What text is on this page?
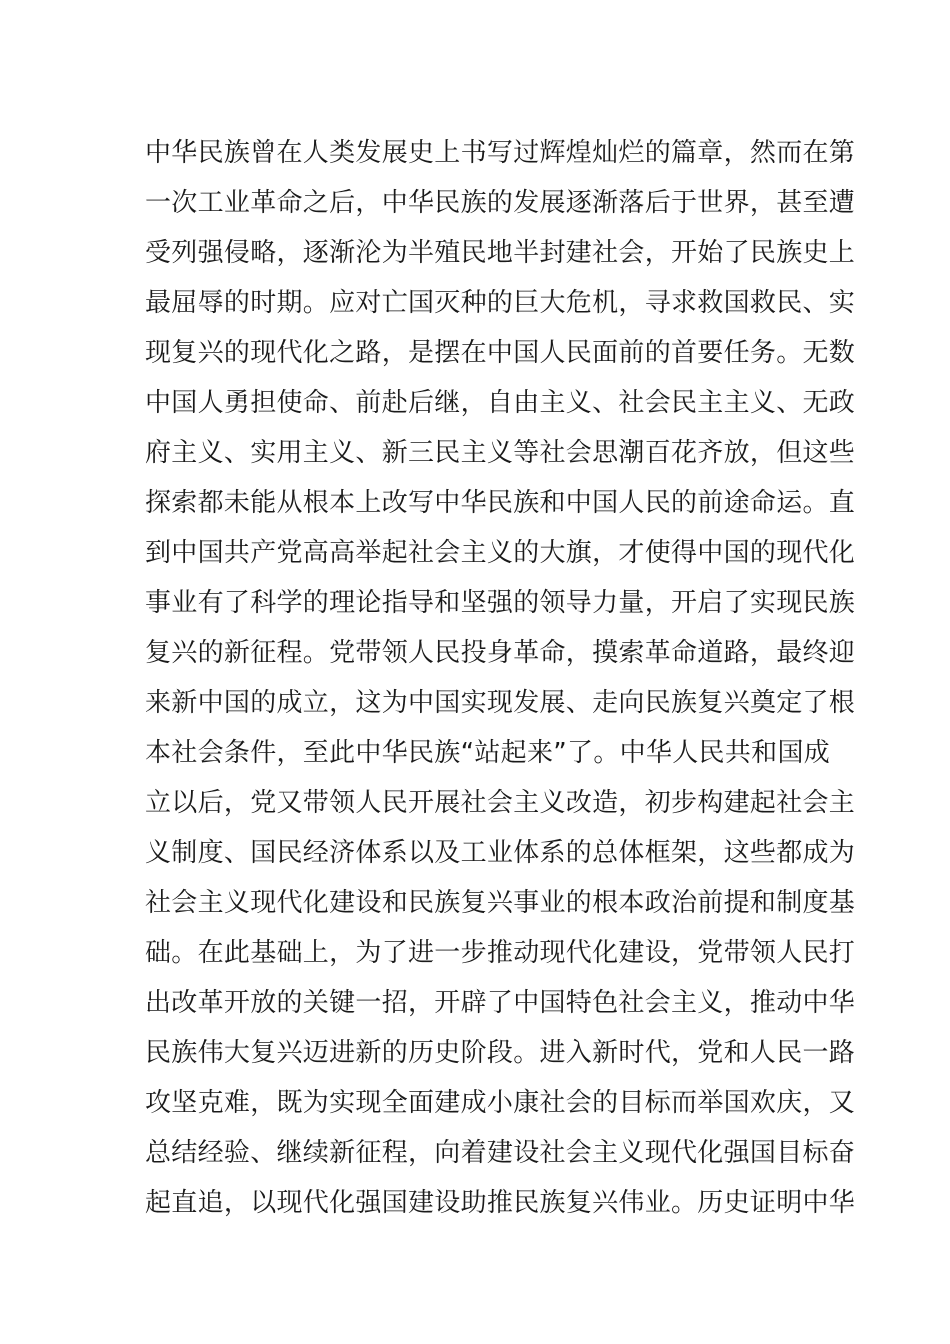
中华民族曾在人类发展史上书写过辉煌灿烂的篇章，然而在第
一次工业革命之后，中华民族的发展逐渐落后于世界，甚至遭
受列强侵略，逐渐沦为半殖民地半封建社会，开始了民族史上
最屈辱的时期。应对亡国灭种的巨大危机，寻求救国救民、实
现复兴的现代化之路，是摆在中国人民面前的首要任务。无数
中国人勇担使命、前赴后继，自由主义、社会民主主义、无政
府主义、实用主义、新三民主义等社会思潮百花齐放，但这些
探索都未能从根本上改写中华民族和中国人民的前途命运。直
到中国共产党高高举起社会主义的大旗，才使得中国的现代化
事业有了科学的理论指导和坚强的领导力量，开启了实现民族
复兴的新征程。党带领人民投身革命，摸索革命道路，最终迎
来新中国的成立，这为中国实现发展、走向民族复兴奠定了根
本社会条件，至此中华民族“站起来”了。中华人民共和国成
立以后，党又带领人民开展社会主义改造，初步构建起社会主
义制度、国民经济体系以及工业体系的总体框架，这些都成为
社会主义现代化建设和民族复兴事业的根本政治前提和制度基
础。在此基础上，为了进一步推动现代化建设，党带领人民打
出改革开放的关键一招，开辟了中国特色社会主义，推动中华
民族伟大复兴迈进新的历史阶段。进入新时代，党和人民一路
攻坚克难，既为实现全面建成小康社会的目标而举国欢庆，又
总结经验、继续新征程，向着建设社会主义现代化强国目标奋
起直追，以现代化强国建设助推民族复兴伟业。历史证明中华
